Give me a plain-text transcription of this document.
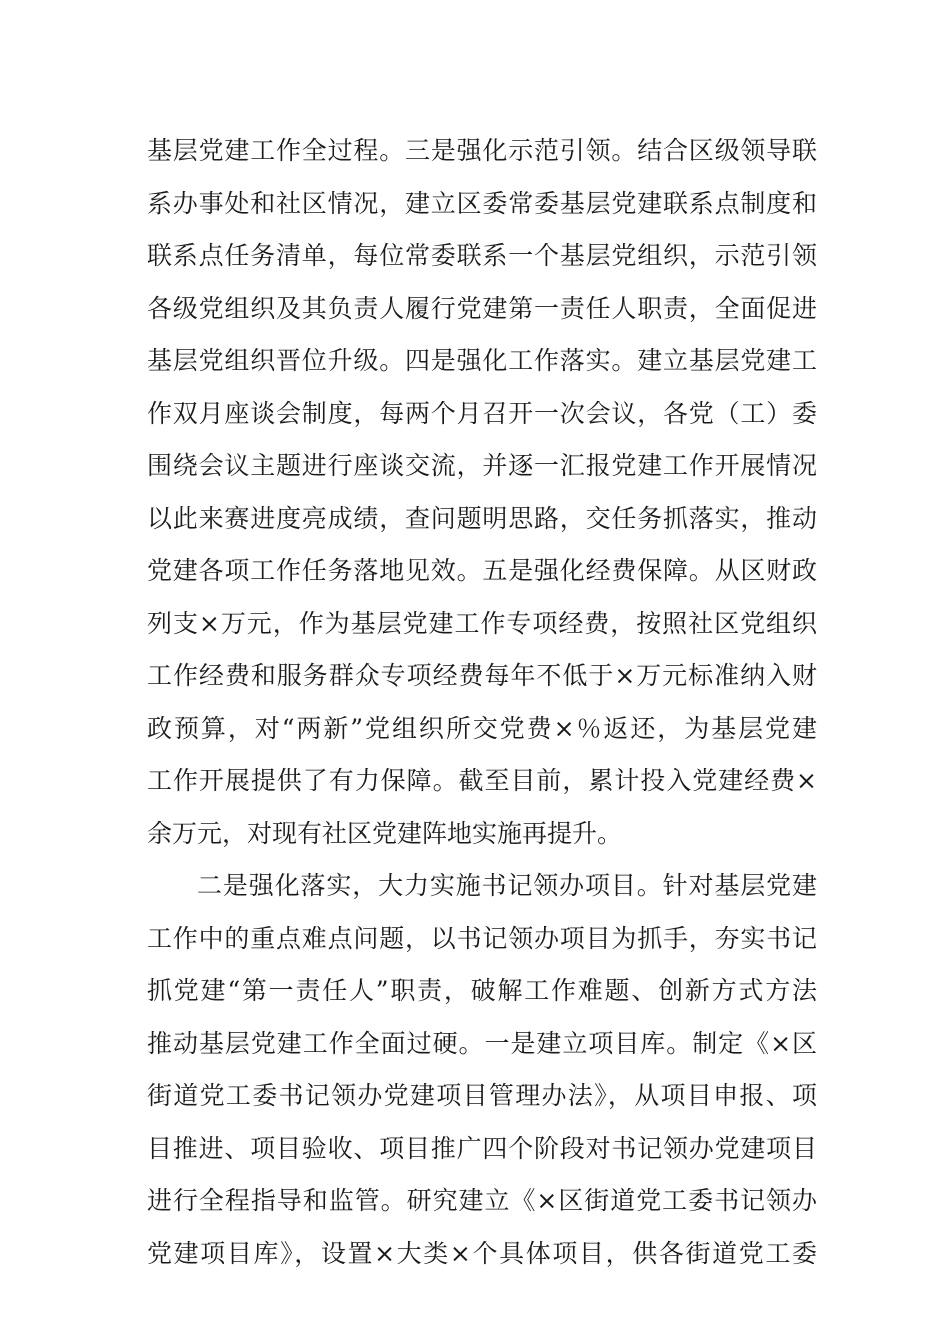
基层党建工作全过程。三是强化示范引领。结合区级领导联
系办事处和社区情况，建立区委常委基层党建联系点制度和
联系点任务清单，每位常委联系一个基层党组织，示范引领
各级党组织及其负责人履行党建第一责任人职责，全面促进
基层党组织晋位升级。四是强化工作落实。建立基层党建工
作双月座谈会制度，每两个月召开一次会议，各党（工）委
围绕会议主题进行座谈交流，并逐一汇报党建工作开展情况
以此来赛进度亮成绩，查问题明思路，交任务抓落实，推动
党建各项工作任务落地见效。五是强化经费保障。从区财政
列支×万元，作为基层党建工作专项经费，按照社区党组织
工作经费和服务群众专项经费每年不低于×万元标准纳入财
政预算，对“两新”党组织所交党费×％返还，为基层党建
工作开展提供了有力保障。截至目前，累计投入党建经费×
余万元，对现有社区党建阵地实施再提升。
二是强化落实，大力实施书记领办项目。针对基层党建
工作中的重点难点问题，以书记领办项目为抓手，夯实书记
抓党建“第一责任人”职责，破解工作难题、创新方式方法
推动基层党建工作全面过硬。一是建立项目库。制定《×区
街道党工委书记领办党建项目管理办法》，从项目申报、项
目推进、项目验收、项目推广四个阶段对书记领办党建项目
进行全程指导和监管。研究建立《×区街道党工委书记领办
党建项目库》，设置×大类×个具体项目，供各街道党工委
